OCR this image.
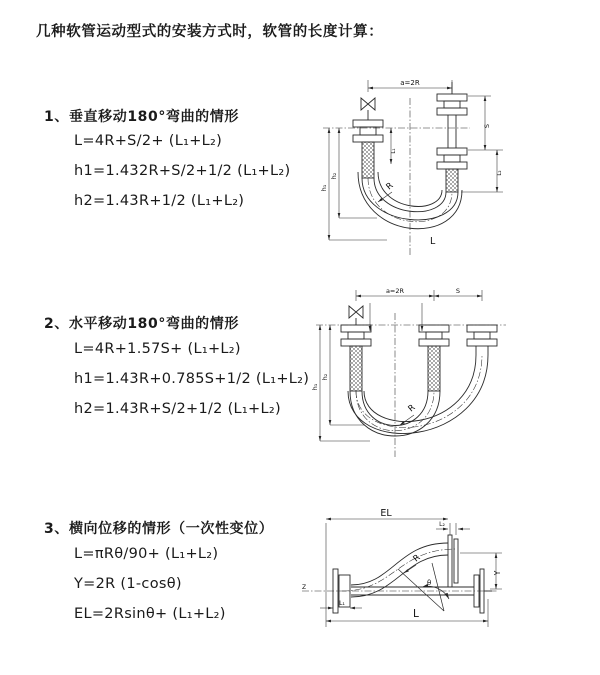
几种软管运动型式的安装方式时，软管的长度计算：
1、垂直移动180°弯曲的情形
L=4R+S/2+ (L₁+L₂)
h1=1.432R+S/2+1/2 (L₁+L₂)
h2=1.43R+1/2 (L₁+L₂)
2、水平移动180°弯曲的情形
L=4R+1.57S+ (L₁+L₂)
h1=1.43R+0.785S+1/2 (L₁+L₂)
h2=1.43R+S/2+1/2 (L₁+L₂)
3、横向位移的情形（一次性变位）
L=πRθ/90+ (L₁+L₂)
Y=2R (1-cosθ)
EL=2Rsinθ+ (L₁+L₂)
a=2R
L₁
S
L₂
h₁
h₂
R
L
a=2R	S
h₁
h₂
R
EL
L₂
Y
L
L₁
R
θ
Z
